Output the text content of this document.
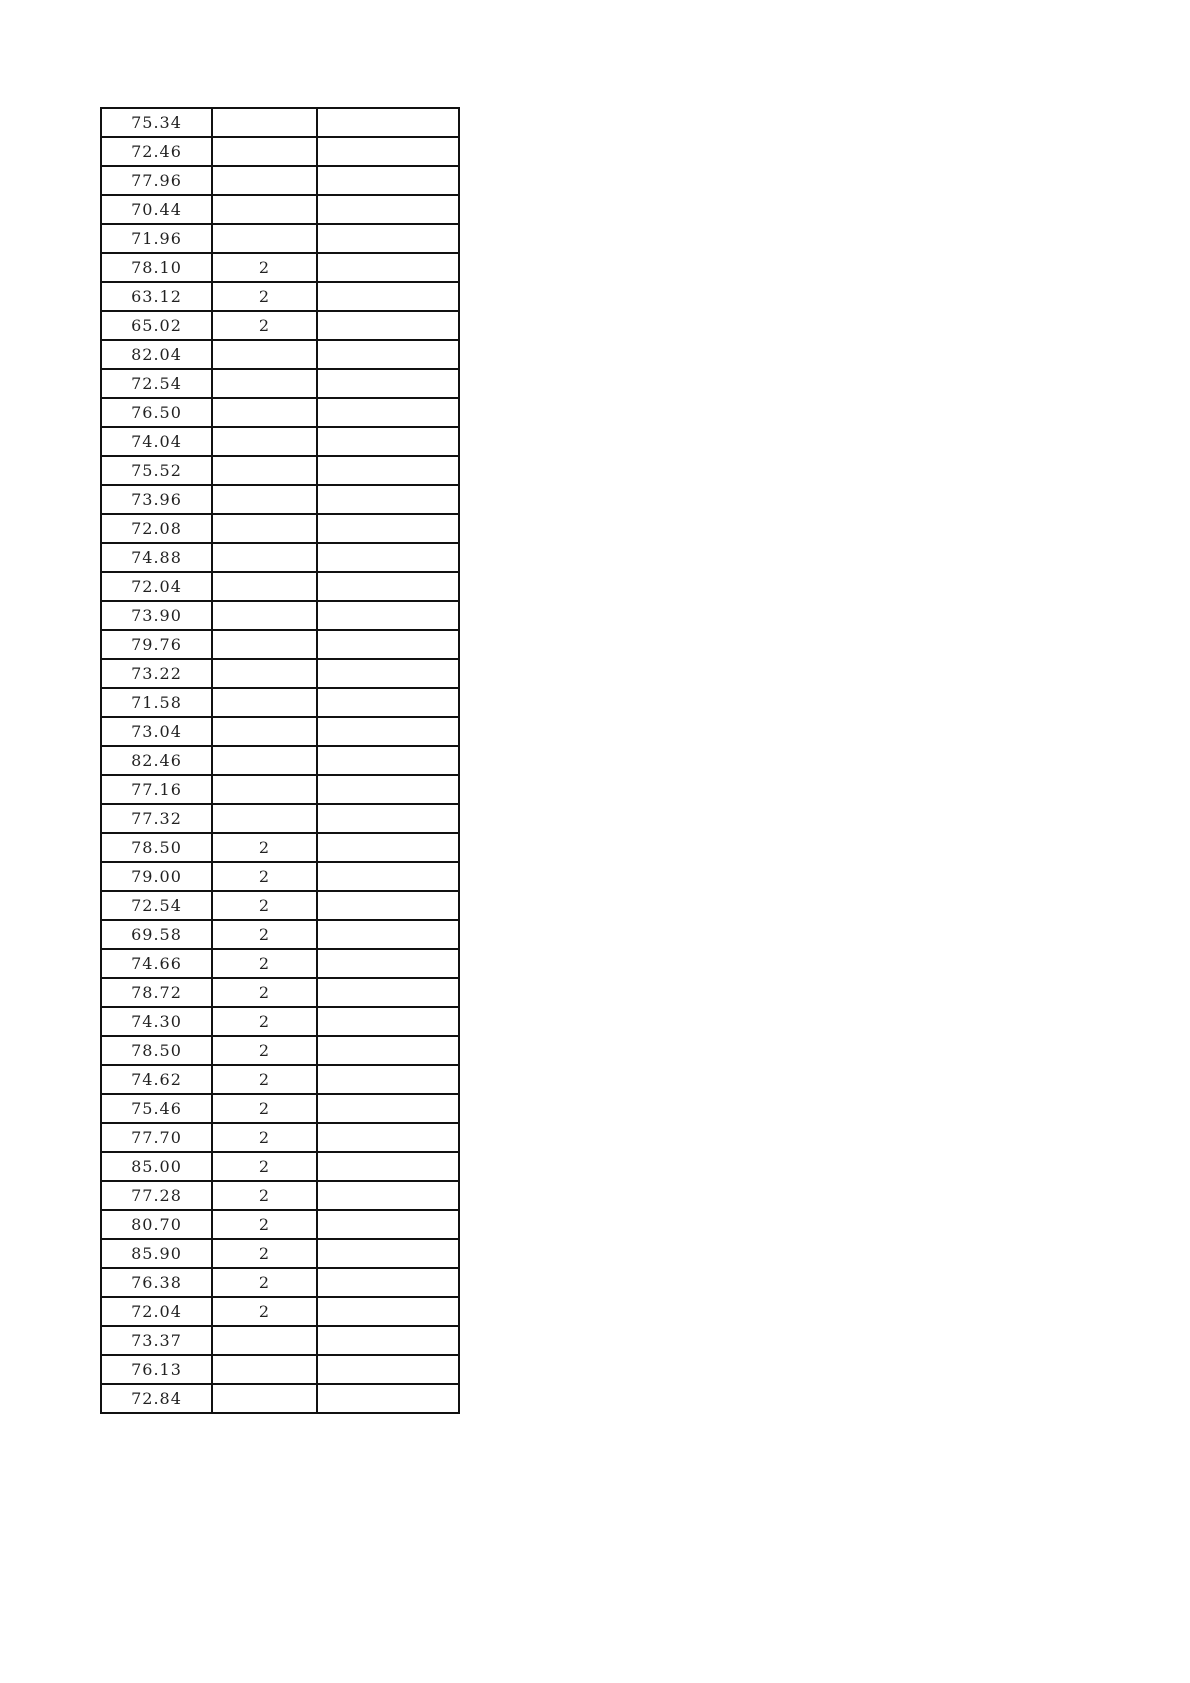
75.34		
72.46		
77.96		
70.44		
71.96		
78.10	2	
63.12	2	
65.02	2	
82.04		
72.54		
76.50		
74.04		
75.52		
73.96		
72.08		
74.88		
72.04		
73.90		
79.76		
73.22		
71.58		
73.04		
82.46		
77.16		
77.32		
78.50	2	
79.00	2	
72.54	2	
69.58	2	
74.66	2	
78.72	2	
74.30	2	
78.50	2	
74.62	2	
75.46	2	
77.70	2	
85.00	2	
77.28	2	
80.70	2	
85.90	2	
76.38	2	
72.04	2	
73.37		
76.13		
72.84		
